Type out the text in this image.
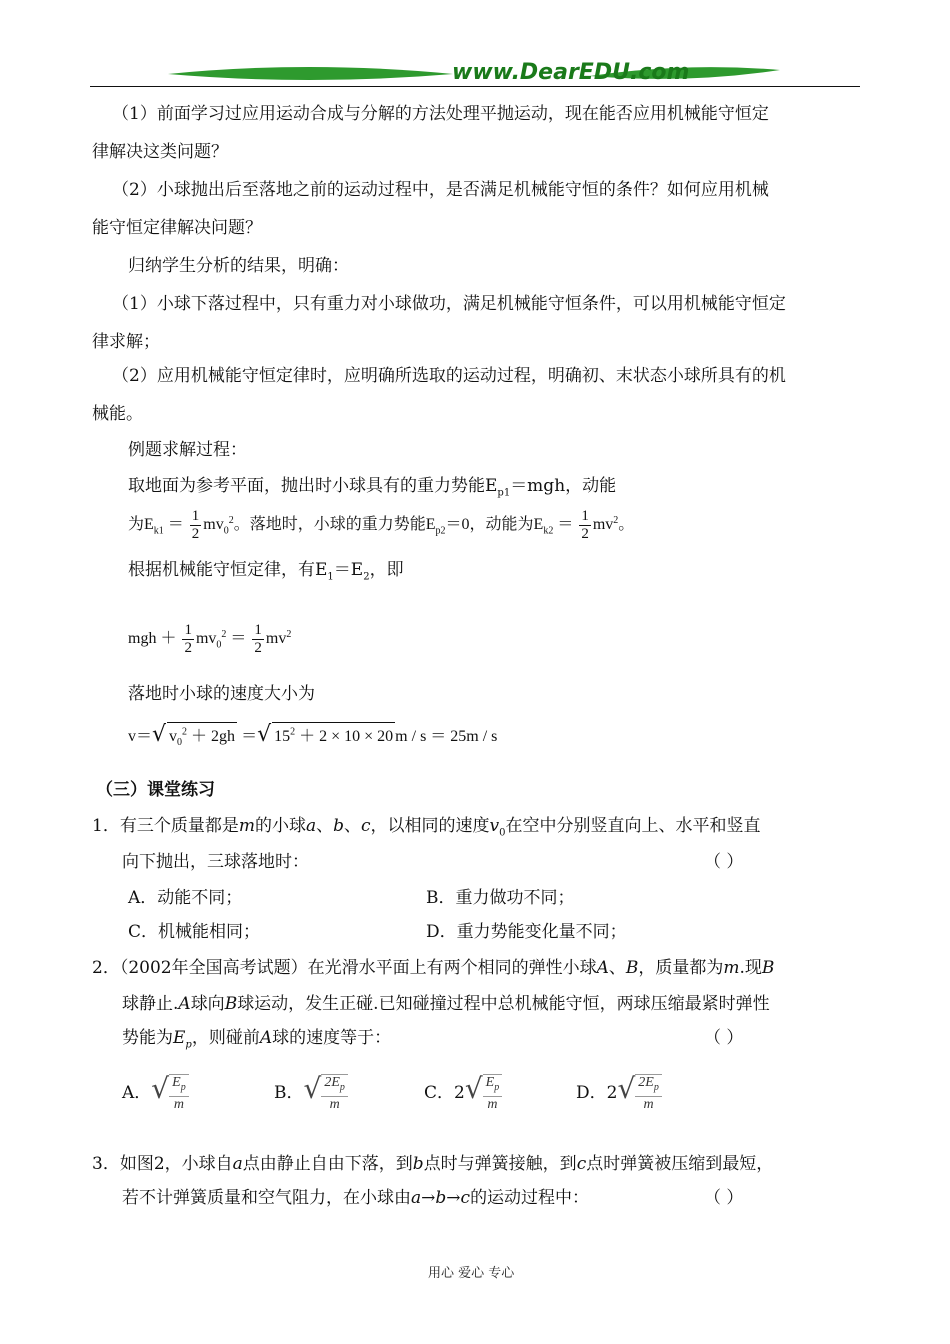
www.DearEDU.com
（1）前面学习过应用运动合成与分解的方法处理平抛运动，现在能否应用机械能守恒定
律解决这类问题？
（2）小球抛出后至落地之前的运动过程中，是否满足机械能守恒的条件？如何应用机械
能守恒定律解决问题？
归纳学生分析的结果，明确：
（1）小球下落过程中，只有重力对小球做功，满足机械能守恒条件，可以用机械能守恒定
律求解；
（2）应用机械能守恒定律时，应明确所选取的运动过程，明确初、末状态小球所具有的机
械能。
例题求解过程：
取地面为参考平面，抛出时小球具有的重力势能$E_{p1}=mgh$，动能
为$E_{k1} = \frac{1}{2} mv_0^2$。落地时，小球的重力势能$E_{p2}=0$，动能为$E_{k2} = \frac{1}{2} mv^2$。
根据机械能守恒定律，有$E_1=E_2$，即
mgh ＋ $\frac{1}{2} mv_0^2 = \frac{1}{2} mv^2$
落地时小球的速度大小为
v＝√ $v_0^2 + 2gh$ ＝√ $15^2 + 2 \times 10 \times 20$ m / s ＝ 25m / s
（三）课堂练习
1．有三个质量都是m的小球a、b、c，以相同的速度$v_0$在空中分别竖直向上、水平和竖直
向下抛出，三球落地时：	（ ）
A．动能不同；	B．重力做功不同；
C．机械能相同；	D．重力势能变化量不同；
2．（2002年全国高考试题）在光滑水平面上有两个相同的弹性小球A、B，质量都为m.现B
球静止.A球向B球运动，发生正碰.已知碰撞过程中总机械能守恒，两球压缩最紧时弹性
势能为$E_p$，则碰前A球的速度等于：	（ ）
A．√ $\frac{E_p}{m}$	B．√ $\frac{2E_p}{m}$	C．$2√ \frac{E_p}{m}$	D．$2√ \frac{2E_p}{m}$
3．如图2，小球自a点由静止自由下落，到b点时与弹簧接触，到c点时弹簧被压缩到最短，
若不计弹簧质量和空气阻力，在小球由a→b→c的运动过程中：	（ ）
用心 爱心 专心
